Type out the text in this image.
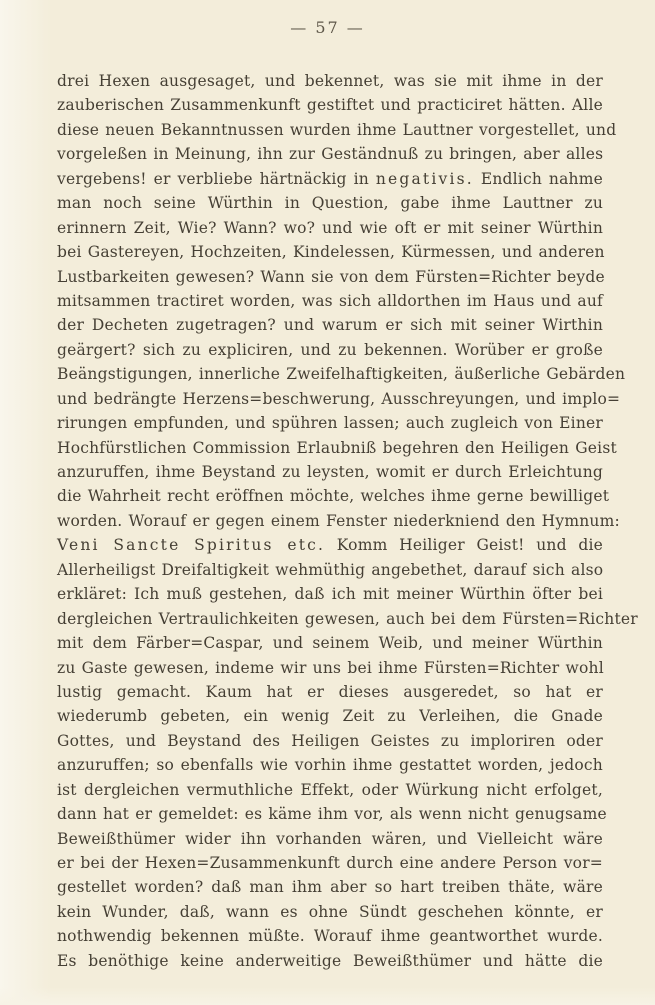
— 57 —
drei Hexen ausgesaget, und bekennet, was sie mit ihme in der
zauberischen Zusammenkunft gestiftet und practiciret hätten. Alle
diese neuen Bekanntnussen wurden ihme Lauttner vorgestellet, und
vorgeleßen in Meinung, ihn zur Geständnuß zu bringen, aber alles
vergebens! er verbliebe härtnäckig in negativis. Endlich nahme
man noch seine Würthin in Question, gabe ihme Lauttner zu
erinnern Zeit, Wie? Wann? wo? und wie oft er mit seiner Würthin
bei Gastereyen, Hochzeiten, Kindelessen, Kürmessen, und anderen
Lustbarkeiten gewesen? Wann sie von dem Fürsten=Richter beyde
mitsammen tractiret worden, was sich alldorthen im Haus und auf
der Decheten zugetragen? und warum er sich mit seiner Wirthin
geärgert? sich zu expliciren, und zu bekennen. Worüber er große
Beängstigungen, innerliche Zweifelhaftigkeiten, äußerliche Gebärden
und bedrängte Herzens=beschwerung, Ausschreyungen, und implo=
rirungen empfunden, und spühren lassen; auch zugleich von Einer
Hochfürstlichen Commission Erlaubniß begehren den Heiligen Geist
anzuruffen, ihme Beystand zu leysten, womit er durch Erleichtung
die Wahrheit recht eröffnen möchte, welches ihme gerne bewilliget
worden. Worauf er gegen einem Fenster niederkniend den Hymnum:
Veni Sancte Spiritus etc. Komm Heiliger Geist! und die
Allerheiligst Dreifaltigkeit wehmüthig angebethet, darauf sich also
erkläret: Ich muß gestehen, daß ich mit meiner Würthin öfter bei
dergleichen Vertraulichkeiten gewesen, auch bei dem Fürsten=Richter
mit dem Färber=Caspar, und seinem Weib, und meiner Würthin
zu Gaste gewesen, indeme wir uns bei ihme Fürsten=Richter wohl
lustig gemacht. Kaum hat er dieses ausgeredet, so hat er
wiederumb gebeten, ein wenig Zeit zu Verleihen, die Gnade
Gottes, und Beystand des Heiligen Geistes zu imploriren oder
anzuruffen; so ebenfalls wie vorhin ihme gestattet worden, jedoch
ist dergleichen vermuthliche Effekt, oder Würkung nicht erfolget,
dann hat er gemeldet: es käme ihm vor, als wenn nicht genugsame
Beweißthümer wider ihn vorhanden wären, und Vielleicht wäre
er bei der Hexen=Zusammenkunft durch eine andere Person vor=
gestellet worden? daß man ihm aber so hart treiben thäte, wäre
kein Wunder, daß, wann es ohne Sündt geschehen könnte, er
nothwendig bekennen müßte. Worauf ihme geantworthet wurde.
Es benöthige keine anderweitige Beweißthümer und hätte die
